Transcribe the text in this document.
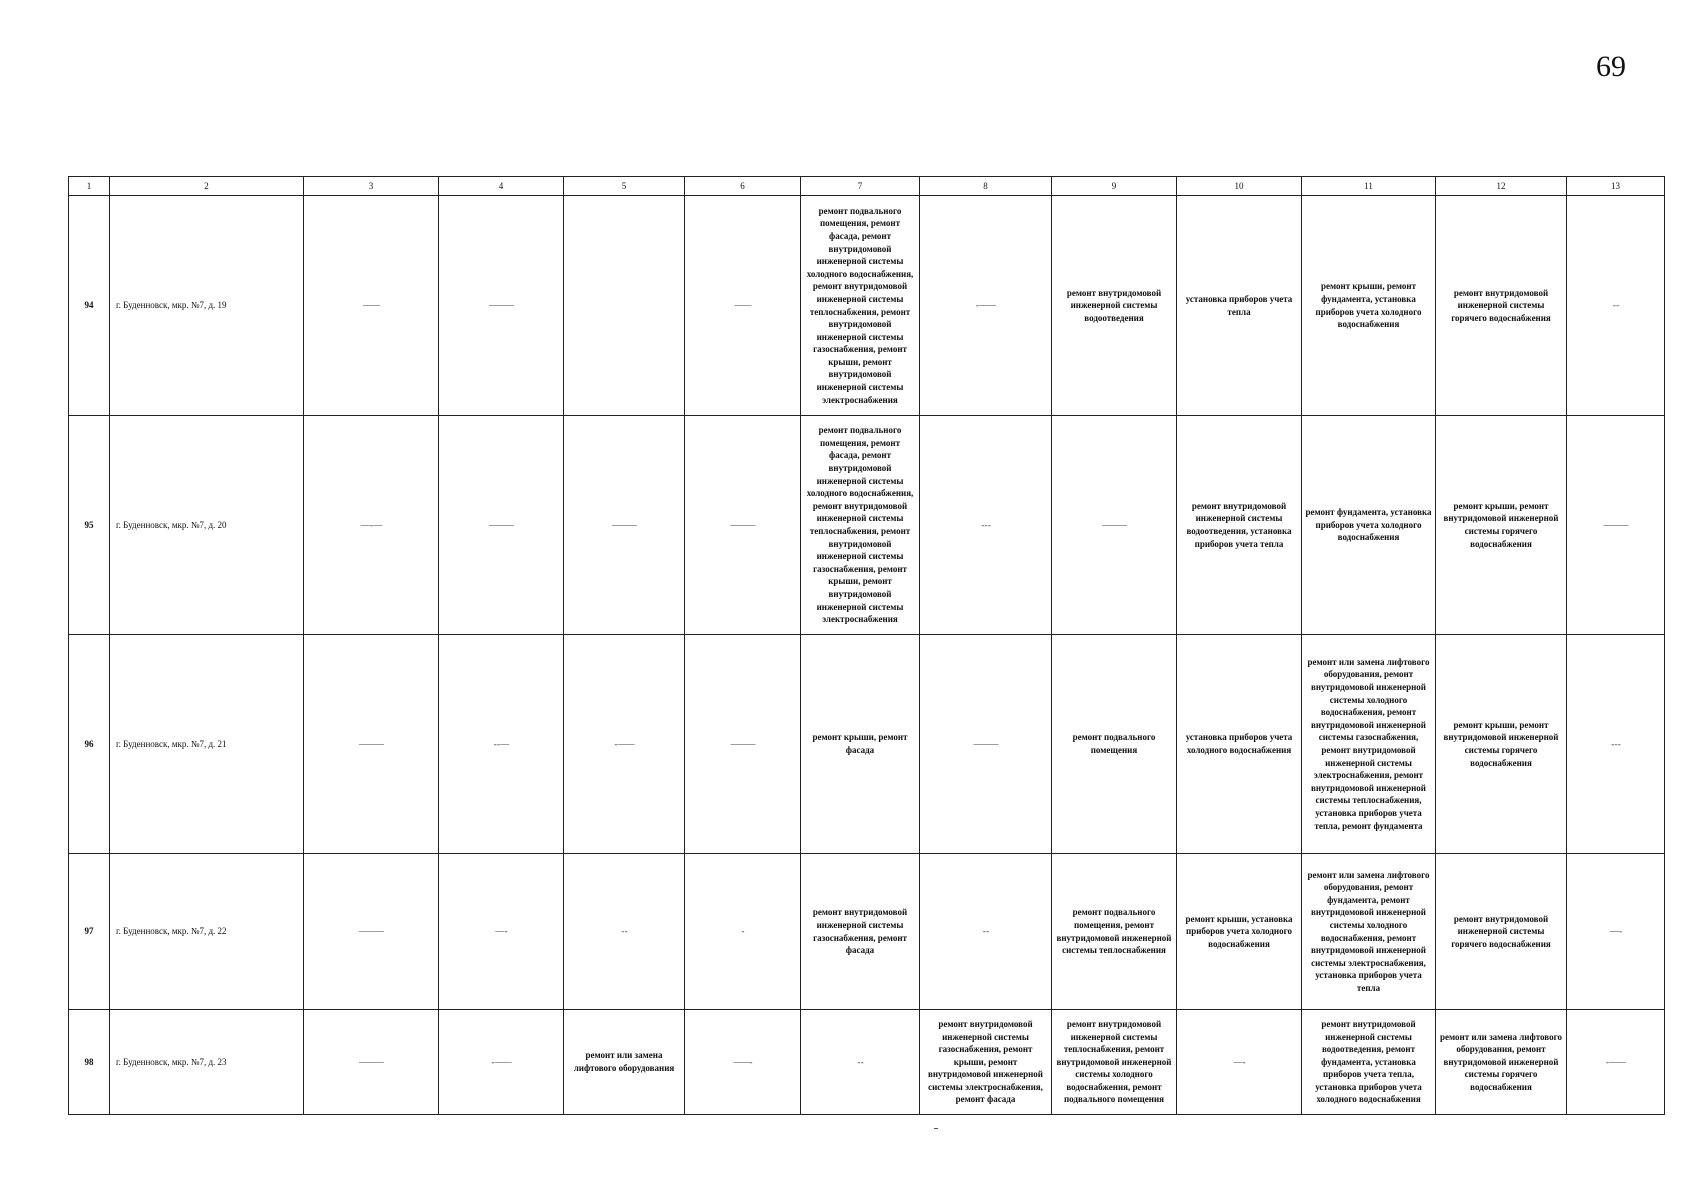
69
1	2	3	4	5	6	7	8	9	10	11	12	13
94	г. Буденновск, мкр. №7, д. 19	——	———		——	ремонт подвального помещения, ремонт фасада, ремонт внутридомовой инженерной системы холодного водоснабжения, ремонт внутридомовой инженерной системы теплоснабжения, ремонт внутридомовой инженерной системы газоснабжения, ремонт крыши, ремонт внутридомовой инженерной системы электроснабжения	- ——	ремонт внутридомовой инженерной системы водоотведения	установка приборов учета тепла	ремонт крыши, ремонт фундамента, установка приборов учета холодного водоснабжения	ремонт внутридомовой инженерной системы горячего водоснабжения	- -
95	г. Буденновск, мкр. №7, д. 20	— - —	———	———	———	ремонт подвального помещения, ремонт фасада, ремонт внутридомовой инженерной системы холодного водоснабжения, ремонт внутридомовой инженерной системы теплоснабжения, ремонт внутридомовой инженерной системы газоснабжения, ремонт крыши, ремонт внутридомовой инженерной системы электроснабжения	- - -	———	ремонт внутридомовой инженерной системы водоотведения, установка приборов учета тепла	ремонт фундамента, установка приборов учета холодного водоснабжения	ремонт крыши, ремонт внутридомовой инженерной системы горячего водоснабжения	———
96	г. Буденновск, мкр. №7, д. 21	———	- - —	- ——	———	ремонт крыши, ремонт фасада	———	ремонт подвального помещения	установка приборов учета холодного водоснабжения	ремонт или замена лифтового оборудования, ремонт внутридомовой инженерной системы холодного водоснабжения, ремонт внутридомовой инженерной системы газоснабжения, ремонт внутридомовой инженерной системы электроснабжения, ремонт внутридомовой инженерной системы теплоснабжения, установка приборов учета тепла, ремонт фундамента	ремонт крыши, ремонт внутридомовой инженерной системы горячего водоснабжения	- - -
97	г. Буденновск, мкр. №7, д. 22	———	— -	- -	-	ремонт внутридомовой инженерной системы газоснабжения, ремонт фасада	- -	ремонт подвального помещения, ремонт внутридомовой инженерной системы теплоснабжения	ремонт крыши, установка приборов учета холодного водоснабжения	ремонт или замена лифтового оборудования, ремонт фундамента, ремонт внутридомовой инженерной системы холодного водоснабжения, ремонт внутридомовой инженерной системы электроснабжения, установка приборов учета тепла	ремонт внутридомовой инженерной системы горячего водоснабжения	— -
98	г. Буденновск, мкр. №7, д. 23	———	- ——	ремонт или замена лифтового оборудования	——-	- -	ремонт внутридомовой инженерной системы газоснабжения, ремонт крыши, ремонт внутридомовой инженерной системы электроснабжения, ремонт фасада	ремонт внутридомовой инженерной системы теплоснабжения, ремонт внутридомовой инженерной системы холодного водоснабжения, ремонт подвального помещения	— -	ремонт внутридомовой инженерной системы водоотведения, ремонт фундамента, установка приборов учета тепла, установка приборов учета холодного водоснабжения	ремонт или замена лифтового оборудования, ремонт внутридомовой инженерной системы горячего водоснабжения	- ——
